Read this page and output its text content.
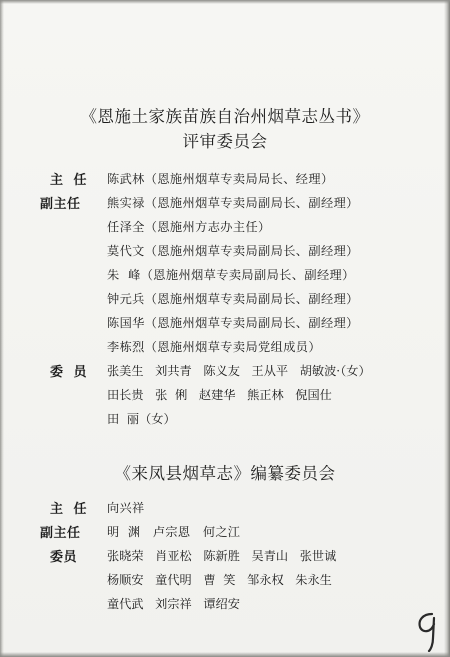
《恩施土家族苗族自治州烟草志丛书》
评审委员会
主  任 陈武林（恩施州烟草专卖局局长、经理）
副主任 熊实禄（恩施州烟草专卖局副局长、副经理）
任泽全（恩施州方志办主任）
莫代文（恩施州烟草专卖局副局长、副经理）
朱  峰（恩施州烟草专卖局副局长、副经理）
钟元兵（恩施州烟草专卖局副局长、副经理）
陈国华（恩施州烟草专卖局副局长、副经理）
李栋烈（恩施州烟草专卖局党组成员）
委  员 张美生   刘共青   陈义友   王从平   胡敏波·（女）
田长贵   张  俐   赵建华   熊正林   倪国仕
田  丽（女）
《来凤县烟草志》编纂委员会
主  任 向兴祥
副主任 明  渊   卢宗恩   何之江
委员 张晓荣   肖亚松   陈新胜   吴青山   张世诚
杨顺安   童代明   曹  笑   邹永权   朱永生
童代武   刘宗祥   谭绍安
